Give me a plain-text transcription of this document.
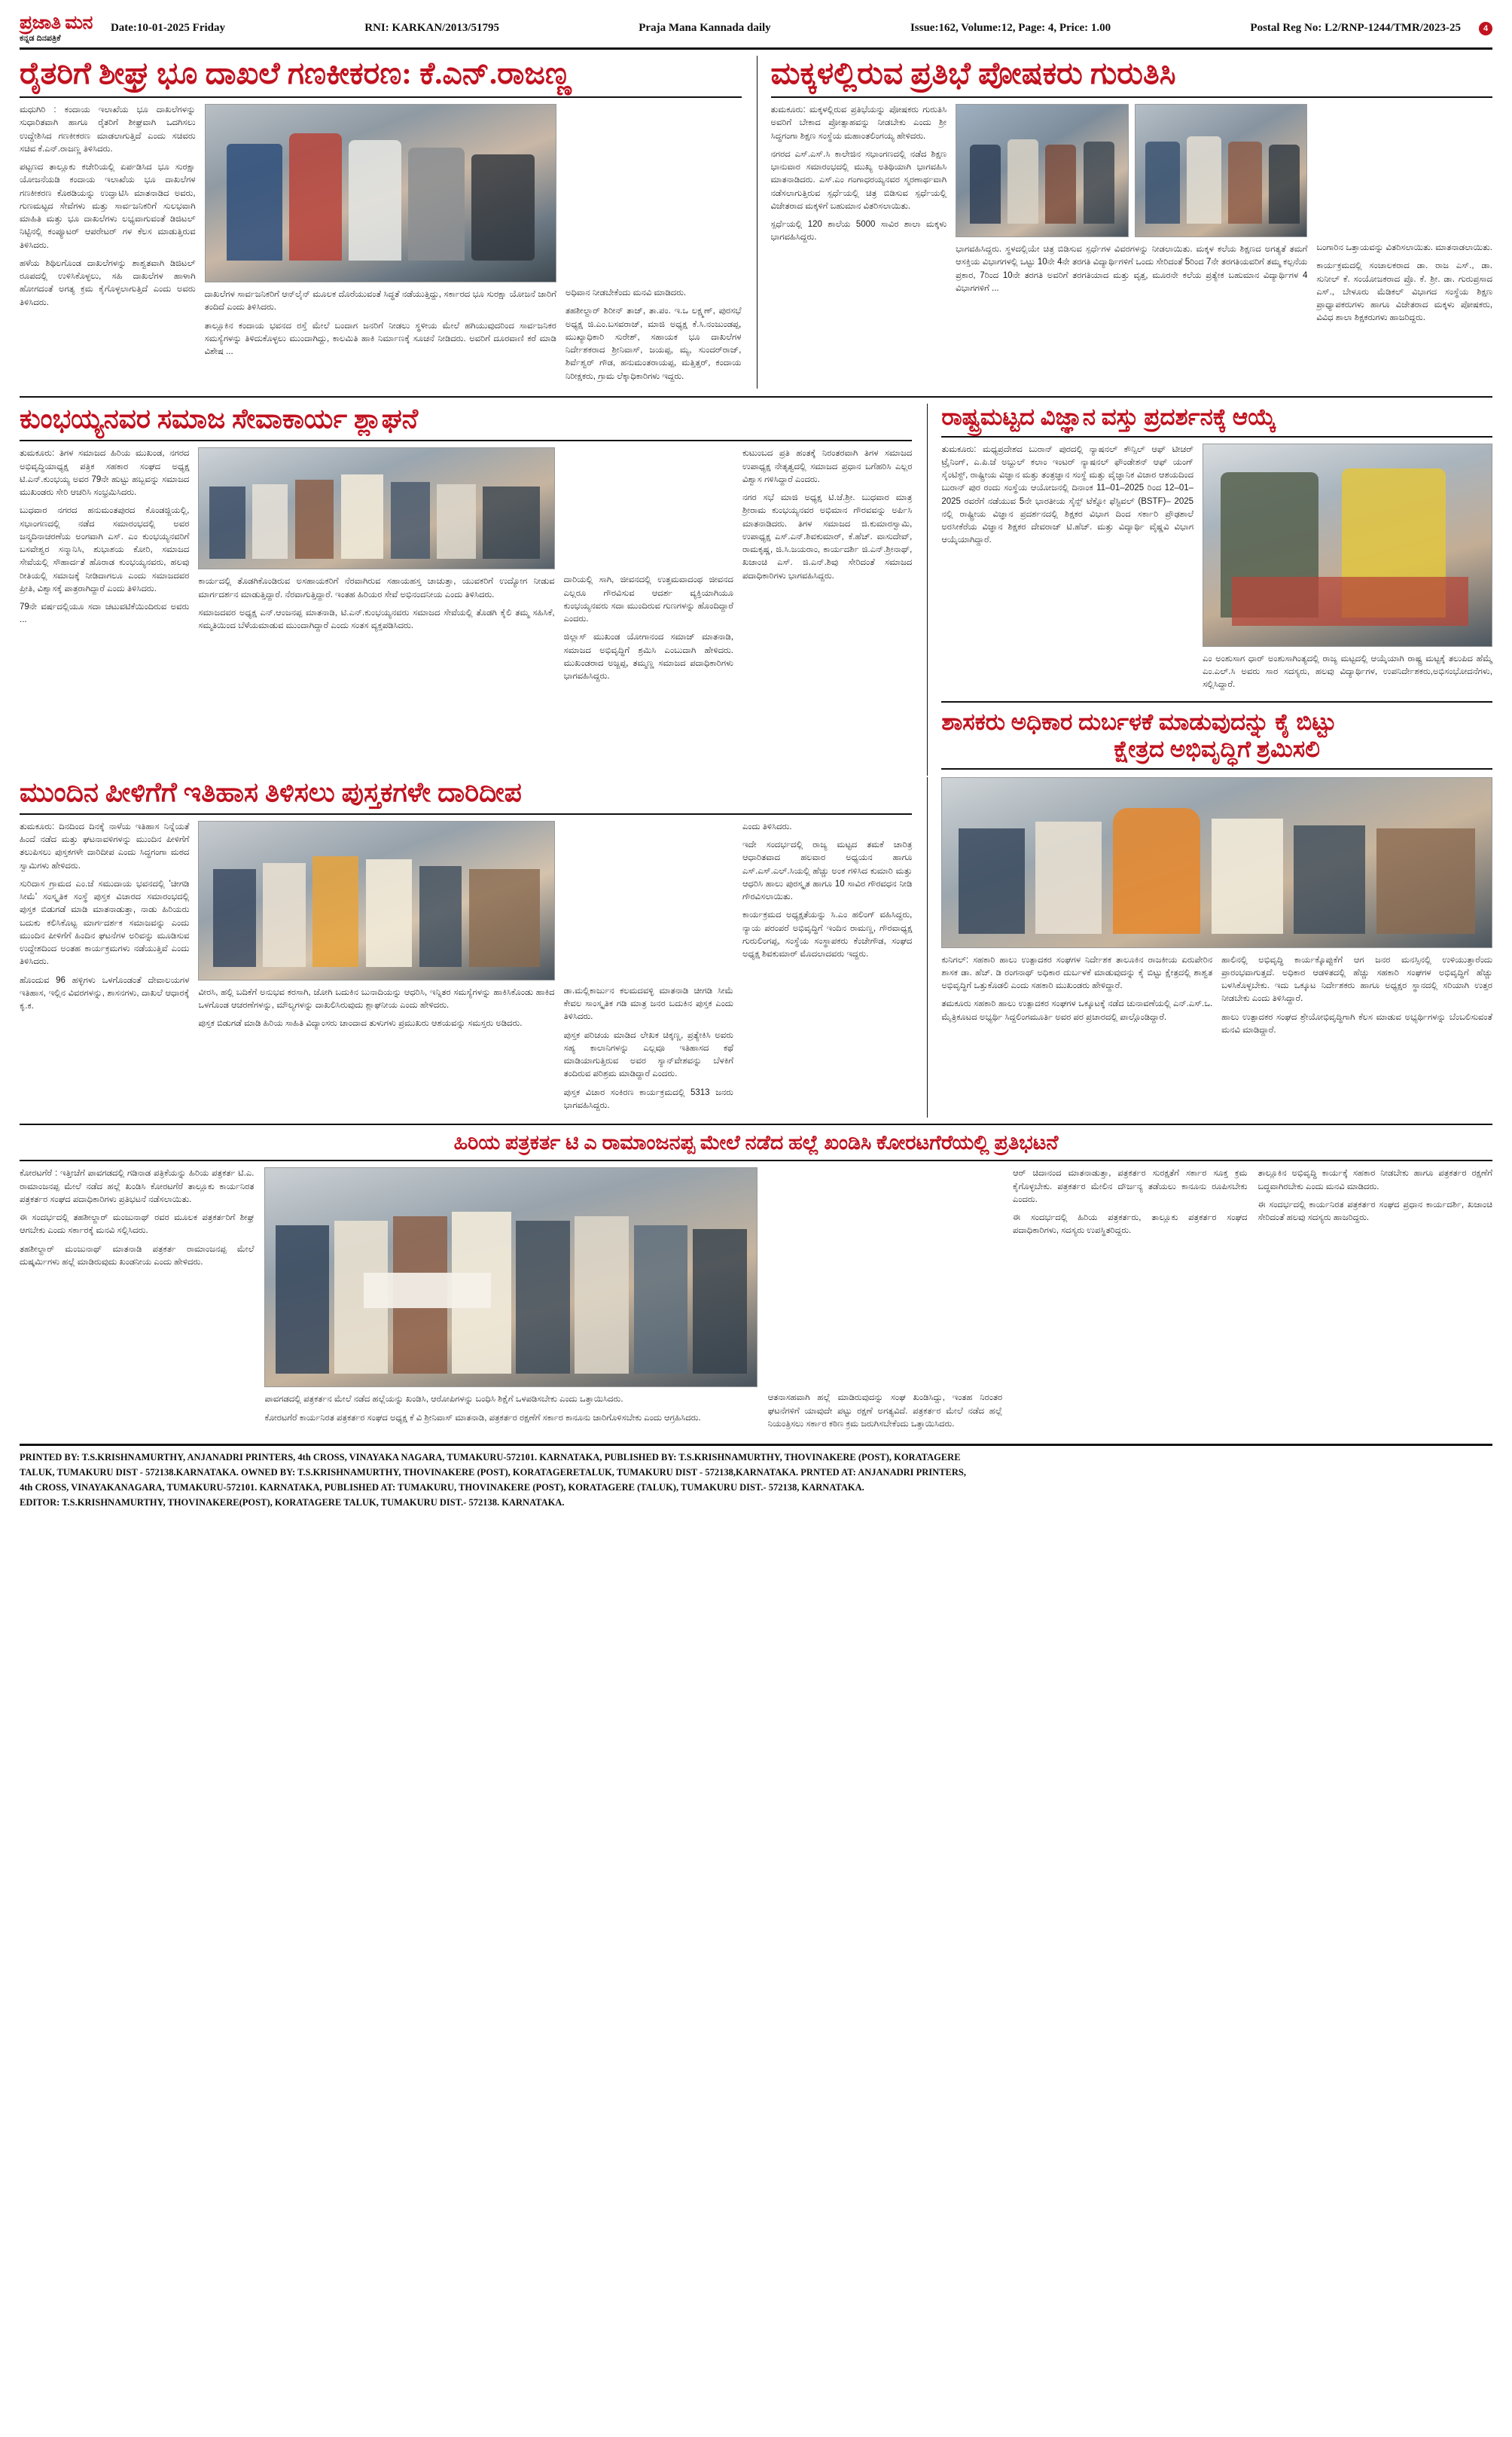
ಪ್ರಜಾತಿ ಮನ
ಕನ್ನಡ ದಿನಪತ್ರಿಕೆ
Date:10-01-2025 Friday	RNI: KARKAN/2013/51795	Praja Mana Kannada daily	Issue:162, Volume:12, Page: 4, Price: 1.00	Postal Reg No: L2/RNP-1244/TMR/2023-25	4
ರೈತರಿಗೆ ಶೀಘ್ರ ಭೂ ದಾಖಲೆ ಗಣಕೀಕರಣ: ಕೆ.ಎನ್.ರಾಜಣ್ಣ

ಮಧುಗಿರಿ : ಕಂದಾಯ ಇಲಾಖೆಯ ಭೂ ದಾಖಲೆಗಳನ್ನು ಸುಧಾರಿತವಾಗಿ ಹಾಗೂ ರೈತರಿಗೆ ಶೀಘ್ರವಾಗಿ ಒದಗಿಸಲು ಉದ್ದೇಶಿಸಿದ ಗಣಕೀಕರಣ ಮಾಡಲಾಗುತ್ತಿದೆ ಎಂದು ಸಚಿವರು ಸಚಿವ ಕೆ.ಎನ್.ರಾಜಣ್ಣ ತಿಳಿಸಿದರು.

ಪಟ್ಟಣದ ತಾಲ್ಲೂಕು ಕಚೇರಿಯಲ್ಲಿ ಏರ್ಪಡಿಸಿದ ಭೂ ಸುರಕ್ಷಾ ಯೋಜನೆಯಡಿ ಕಂದಾಯ ಇಲಾಖೆಯ ಭೂ ದಾಖಲೆಗಳ ಗಣಕೀಕರಣ ಕೊಠಡಿಯನ್ನು ಉದ್ಘಾಟಿಸಿ ಮಾತನಾಡಿದ ಅವರು, ಗುಣಮಟ್ಟದ ಸೇವೆಗಳು ಮತ್ತು ಸಾರ್ವಜನಿಕರಿಗೆ ಸುಲಭವಾಗಿ ಮಾಹಿತಿ ಮತ್ತು ಭೂ ದಾಖಲೆಗಳು ಲಭ್ಯವಾಗುವಂತೆ ಡಿಜಿಟಲ್ ನಿಟ್ಟಿನಲ್ಲಿ ಕಂಪ್ಯೂಟರ್ ಆಪರೇಟರ್ ಗಳ ಕೆಲಸ ಮಾಡುತ್ತಿರುವ ತಿಳಿಸಿದರು.

ಹಳೆಯ ಶಿಥಿಲಗೊಂಡ ದಾಖಲೆಗಳನ್ನು ಶಾಶ್ವತವಾಗಿ ಡಿಜಿಟಲ್ ರೂಪದಲ್ಲಿ ಉಳಿಸಿಕೊಳ್ಳಲು, ಸಹಿ ದಾಖಲೆಗಳ ಹಾಳಾಗಿ ಹೋಗದಂತೆ ಅಗತ್ಯ ಕ್ರಮ ಕೈಗೊಳ್ಳಲಾಗುತ್ತಿದೆ ಎಂದು ಅವರು ತಿಳಿಸಿದರು.

ದಾಖಲೆಗಳ ಸಾರ್ವಜನಿಕರಿಗೆ ಆನ್‌ಲೈನ್ ಮೂಲಕ ದೊರೆಯುವಂತೆ ಸಿದ್ಧತೆ ನಡೆಯುತ್ತಿದ್ದು, ಸರ್ಕಾರದ ಭೂ ಸುರಕ್ಷಾ ಯೋಜನೆ ಜಾರಿಗೆ ತಂದಿದೆ ಎಂದು ತಿಳಿಸಿದರು.

ತಾಲ್ಲೂಕಿನ ಕಂದಾಯ ಭವನದ ರಸ್ತೆ ಮೇಲೆ ಬಂದಾಗ ಜನರಿಗೆ ನೀಡಲು ಸ್ಥಳೀಯ ಮೇಲೆ ಹಗಿಯುವುದರಿಂದ ಸಾರ್ವಜನಿಕರ ಸಮಸ್ಯೆಗಳನ್ನು ತಿಳಿದುಕೊಳ್ಳಲು ಮುಂದಾಗಿದ್ದು, ಕಾಲಮಿತಿ ಹಾಕಿ ನಿರ್ಮಾಣಕ್ಕೆ ಸೂಚನೆ ನೀಡಿದರು. ಅವರಿಗೆ ದೂರವಾಣಿ ಕರೆ ಮಾಡಿ ವಿಶೇಷ ...

ಅಧಿವಾನ ನೀಡಬೇಕೆಂದು ಮನವಿ ಮಾಡಿದರು.

ತಹಶೀಲ್ದಾರ್ ಶಿರೀನ್ ತಾಜ್, ತಾ.ಪಂ. ಇ.ಒ ಲಕ್ಷ್ಮಣ್, ಪುರಸಭೆ ಅಧ್ಯಕ್ಷ ಜಿ.ಎಂ.ಬಸವರಾಜ್, ಮಾಜಿ ಅಧ್ಯಕ್ಷ ಕೆ.ಸಿ.ನಂಜುಂಡಪ್ಪ, ಮುಖ್ಯಾಧಿಕಾರಿ ಸುರೇಶ್, ಸಹಾಯಕ ಭೂ ದಾಖಲೆಗಳ ನಿರ್ದೇಶಕರಾದ ಶ್ರೀನಿವಾಸ್, ಜಯಪ್ಪ, ಮ್ಯ, ಸುಂದರ್‌ರಾಜ್, ಶಿರ್ವೆಶ್ವರ್ ಗೌಡ, ಹನುಮಂತರಾಯಪ್ಪ, ಮತ್ತಿತ್ತರ್, ಕಂದಾಯ ನಿರೀಕ್ಷಕರು, ಗ್ರಾಮ ಲೆಕ್ಕಾಧಿಕಾರಿಗಳು ಇದ್ದರು.

ಮಕ್ಕಳಲ್ಲಿರುವ ಪ್ರತಿಭೆ ಪೋಷಕರು ಗುರುತಿಸಿ

ತುಮಕೂರು: ಮಕ್ಕಳಲ್ಲಿರುವ ಪ್ರತಿಭೆಯನ್ನು ಪೋಷಕರು ಗುರುತಿಸಿ ಅವರಿಗೆ ಬೇಕಾದ ಪ್ರೋತ್ಸಾಹವನ್ನು ನೀಡಬೇಕು ಎಂದು ಶ್ರೀ ಸಿದ್ಧಗಂಗಾ ಶಿಕ್ಷಣ ಸಂಸ್ಥೆಯ ಮಹಾಂತಲಿಂಗಯ್ಯ ಹೇಳಿದರು.

ನಗರದ ಎಸ್.ಎಸ್.ಸಿ ಕಾಲೇಜಿನ ಸಭಾಂಗಣದಲ್ಲಿ ನಡೆದ ಶಿಕ್ಷಣ ಭಾನುವಾರ ಸಮಾರಂಭದಲ್ಲಿ ಮುಖ್ಯ ಅತಿಥಿಯಾಗಿ ಭಾಗವಹಿಸಿ ಮಾತನಾಡಿದರು. ಎಸ್.ಎಂ ಗಂಗಾಧರಯ್ಯನವರ ಸ್ಮರಣಾರ್ಥವಾಗಿ ನಡೆಸಲಾಗುತ್ತಿರುವ ಸ್ಪರ್ಧೆಯಲ್ಲಿ ಚಿತ್ರ ಬಿಡಿಸುವ ಸ್ಪರ್ಧೆಯಲ್ಲಿ ವಿಜೇತರಾದ ಮಕ್ಕಳಿಗೆ ಬಹುಮಾನ ವಿತರಿಸಲಾಯಿತು.

ಸ್ಪರ್ಧೆಯಲ್ಲಿ 120 ಶಾಲೆಯ 5000 ಸಾವಿರ ಶಾಲಾ ಮಕ್ಕಳು ಭಾಗವಹಿಸಿದ್ದರು.

ಭಾಗವಹಿಸಿದ್ದರು. ಸ್ಥಳದಲ್ಲಿಯೇ ಚಿತ್ರ ಬಿಡಿಸುವ ಸ್ಪರ್ಧೆಗಳ ವಿವರಗಳನ್ನು ನೀಡಲಾಯಿತು. ಮಕ್ಕಳ ಕಲೆಯ ಶಿಕ್ಷಣದ ಅಗತ್ಯತೆ ತಮಗೆ ಆಸಕ್ತಿಯ ವಿಭಾಗಗಳಲ್ಲಿ ಒಟ್ಟು 10ನೇ 4ನೇ ತರಗತಿ ವಿದ್ಯಾರ್ಥಿಗಳಿಗೆ ಒಂದು ಸೇರಿದಂತೆ 5ರಿಂದ 7ನೇ ತರಗತಿಯವರಿಗೆ ತಮ್ಮ ಕಲ್ಪನೆಯ ಪ್ರಕಾರ, 7ರಿಂದ 10ನೇ ತರಗತಿ ಅವರಿಗೆ ತರಗತಿಯಾದ ಮತ್ತು ವೃತ್ತ, ಮೂರನೇ ಕಲೆಯ ಪ್ರತ್ಯೇಕ ಬಹುಮಾನ ವಿದ್ಯಾರ್ಥಿಗಳ 4 ವಿಭಾಗಗಳಿಗೆ ...

ಬಂಗಾರಿನ ಒತ್ತಾಯವನ್ನು ವಿತರಿಸಲಾಯಿತು. ಮಾತನಾಡಲಾಯಿತು.

ಕಾರ್ಯಕ್ರಮದಲ್ಲಿ ಸಂಚಾಲಕರಾದ ಡಾ. ರಾಜ ಎಸ್., ಡಾ. ಸುನೀಲ್ ಕೆ. ಸಂಯೋಜಕರಾದ ಪ್ರೊ. ಕೆ. ಶ್ರೀ. ಡಾ. ಗುರುಪ್ರಸಾದ ಎಸ್., ಬೇಳೂರು ಮೆಡಿಕಲ್ ವಿಭಾಗದ ಸಂಸ್ಥೆಯ ಶಿಕ್ಷಣ ಪ್ರಾಧ್ಯಾಪಕರುಗಳು ಹಾಗೂ ವಿಜೇತರಾದ ಮಕ್ಕಳು ಪೋಷಕರು, ವಿವಿಧ ಶಾಲಾ ಶಿಕ್ಷಕರುಗಳು ಹಾಜರಿದ್ದರು.

ಕುಂಭಯ್ಯನವರ ಸಮಾಜ ಸೇವಾಕಾರ್ಯ ಶ್ಲಾಘನೆ

ತುಮಕೂರು: ತಿಗಳ ಸಮಾಜದ ಹಿರಿಯ ಮುಖಂಡ, ನಗರದ ಅಭಿವೃದ್ಧಿಯಾಧ್ಯಕ್ಷ ಪತ್ರಿಕ ಸಹಕಾರ ಸಂಘದ ಅಧ್ಯಕ್ಷ ಟಿ.ಎನ್.ಕುಂಭಯ್ಯ ಅವರ 79ನೇ ಹುಟ್ಟು ಹಬ್ಬವನ್ನು ಸಮಾಜದ ಮುಖಂಡರು ಸೇರಿ ಆಚರಿಸಿ ಸಂಭ್ರಮಿಸಿದರು.

ಬುಧವಾರ ನಗರದ ಹನುಮಂತಪುರದ ಕೊಂಡಜ್ಜಿಯಲ್ಲಿ, ಸಭಾಂಗಣದಲ್ಲಿ ನಡೆದ ಸಮಾರಂಭದಲ್ಲಿ ಅವರ ಜನ್ಮದಿನಾಚರಣೆಯ ಅಂಗವಾಗಿ ಎಸ್. ಎಂ ಕುಂಭಯ್ಯನವರಿಗೆ ಬಸವೇಶ್ವರ ಸನ್ಮಾನಿಸಿ, ಶುಭಾಶಯ ಕೋರಿ, ಸಮಾಜದ ಸೇವೆಯಲ್ಲಿ ಸೌಹಾರ್ದತೆ ಹೊರಾಡ ಕುಂಭಯ್ಯನವರು, ಹಲವು ರೀತಿಯಲ್ಲಿ ಸಮಾಜಕ್ಕೆ ನೀಡಿದಾಗಲೂ ಎಂದು ಸಮಾಜದವರ ಪ್ರೀತಿ, ವಿಶ್ವಾಸಕ್ಕೆ ಪಾತ್ರರಾಗಿದ್ದಾರೆ ಎಂದು ತಿಳಿಸಿದರು.

79ನೇ ವರ್ಷದಲ್ಲಿಯೂ ಸದಾ ಚಟುವಟಿಕೆಯಿಂದಿರುವ ಅವರು ...

ಕಾರ್ಯದಲ್ಲಿ ತೊಡಗಿಕೊಂಡಿರುವ ಅಸಹಾಯಕರಿಗೆ ನೆರವಾಗಿರುವ ಸಹಾಯಹಸ್ತ ಚಾಚುತ್ತಾ, ಯುವಕರಿಗೆ ಉದ್ಯೋಗ ನೀಡುವ ಮಾರ್ಗದರ್ಶನ ಮಾಡುತ್ತಿದ್ದಾರೆ. ನೆರವಾಗುತ್ತಿದ್ದಾರೆ. ಇಂತಹ ಹಿರಿಯರ ಸೇವೆ ಅಭಿನಂದನೀಯ ಎಂದು ತಿಳಿಸಿದರು.

ಸಮಾಜದವರ ಅಧ್ಯಕ್ಷ ಎನ್.ಆಂಜನಪ್ಪ ಮಾತನಾಡಿ, ಟಿ.ಎನ್.ಕುಂಭಯ್ಯನವರು ಸಮಾಜದ ಸೇವೆಯಲ್ಲಿ ತೊಡಗಿ ಕೈಲಿ ತಮ್ಮ ಸಹಿಸಿಕೆ, ಸಮ್ಮತಿಯಿಂದ ಬೆಳೆಯಮಾಡುವ ಮುಂದಾಗಿದ್ದಾರೆ ಎಂದು ಸಂತಸ ವ್ಯಕ್ತಪಡಿಸಿದರು.

ದಾರಿಯಲ್ಲಿ ಸಾಗಿ, ಜೀವನದಲ್ಲಿ ಉತ್ತಮವಾದಂಥ ಜೀವನದ ಎಲ್ಲರೂ ಗೌರವಿಸುವ ಆದರ್ಶ ವ್ಯಕ್ತಿಯಾಗಿಯೂ ಕುಂಭಯ್ಯನವರು ಸದಾ ಮುಂದಿರುವ ಗುಣಗಳನ್ನು ಹೊಂದಿದ್ದಾರೆ ಎಂದರು.

ಜಿಲ್ಲಾಸ್ ಮುಖಂಡ ಯೋಗಾನಂದ ಸಮಾಜ್ ಮಾತನಾಡಿ, ಸಮಾಜದ ಅಭಿವೃದ್ಧಿಗೆ ಶ್ರಮಿಸಿ ಎಂಬುದಾಗಿ ಹೇಳಿದರು. ಮುಖಂಡರಾದ ಅಜ್ಜಪ್ಪ, ತಮ್ಮಣ್ಣ ಸಮಾಜದ ಪದಾಧಿಕಾರಿಗಳು ಭಾಗವಹಿಸಿದ್ದರು.

ಕುಟುಂಬದ ಪ್ರತಿ ಹಂತಕ್ಕೆ ನಿರಂತರವಾಗಿ ತಿಗಳ ಸಮಾಜದ ಉಪಾಧ್ಯಕ್ಷ ನೇತೃತ್ವದಲ್ಲಿ ಸಮಾಜದ ಪ್ರಧಾನ ಬಗೆಹರಿಸಿ ಎಲ್ಲರ ವಿಶ್ವಾಸ ಗಳಿಸಿದ್ದಾರೆ ಎಂದರು.

ನಗರ ಸಭೆ ಮಾಜಿ ಅಧ್ಯಕ್ಷ ಟಿ.ಜೆ.ಶ್ರೀ. ಬುಧವಾರ ಮಾತ್ರ ಶ್ರೀರಾಮ ಕುಂಭಯ್ಯನವರ ಅಭಿಮಾನ ಗೌರವವನ್ನು ಅರ್ಪಿಸಿ ಮಾತನಾಡಿದರು. ತಿಗಳ ಸಮಾಜದ ಜಿ.ಕುಮಾರಸ್ವಾಮಿ, ಉಪಾಧ್ಯಕ್ಷ ಎಸ್.ಎನ್.ಶಿವಕುಮಾರ್, ಕೆ.ಹೆಚ್. ವಾಸುದೇವ್, ರಾಮಕೃಷ್ಣ, ಜಿ.ಸಿ.ಜಯರಾಂ, ಕಾರ್ಯದರ್ಶಿ ಜಿ.ಎನ್.ಶ್ರೀನಾಥ್, ಖಜಾಂಚಿ ಎಸ್. ಜಿ.ಎನ್.ಶಿವು ಸೇರಿದಂತೆ ಸಮಾಜದ ಪದಾಧಿಕಾರಿಗಳು ಭಾಗವಹಿಸಿದ್ದರು.

ರಾಷ್ಟ್ರಮಟ್ಟದ ವಿಜ್ಞಾನ ವಸ್ತು ಪ್ರದರ್ಶನಕ್ಕೆ ಆಯ್ಕೆ

ತುಮಕೂರು: ಮಧ್ಯಪ್ರದೇಶದ ಬುರಾನ್ ಪುರದಲ್ಲಿ ನ್ಯಾಷನಲ್ ಕೌನ್ಸಿಲ್ ಆಫ್ ಟೀಚರ್ ಟ್ರೈನಿಂಗ್, ಎ.ಪಿ.ಜೆ ಅಬ್ದುಲ್ ಕಲಾಂ ಇಂಟರ್ ನ್ಯಾಷನಲ್ ಫೌಂಡೇಶನ್ ಆಫ್ ಯಂಗ್ ಸೈಂಟಿಸ್ಟ್, ರಾಷ್ಟ್ರೀಯ ವಿಜ್ಞಾನ ಮತ್ತು ತಂತ್ರಜ್ಞಾನ ಸಂಸ್ಥೆ ಮತ್ತು ವೈಜ್ಞಾನಿಕ ವಿಚಾರ ಆಶಯದಿಂದ ಬುರಾನ್ ಪುರ ರಂದು ಸಂಸ್ಥೆಯ ಆಯೋಜನಲ್ಲಿ ದಿನಾಂಕ 11–01–2025 ರಿಂದ 12–01–2025 ರವರೆಗೆ ನಡೆಯುವ 5ನೇ ಭಾರತೀಯ ಸೈನ್ಸ್ ಟೆಕ್ನೋ ಫೆಸ್ಟಿವಲ್ (BSTF)– 2025 ನಲ್ಲಿ ರಾಷ್ಟ್ರೀಯ ವಿಜ್ಞಾನ ಪ್ರದರ್ಶನದಲ್ಲಿ ಶಿಕ್ಷಕರ ವಿಭಾಗ ದಿಂದ ಸರ್ಕಾರಿ ಪ್ರೌಢಶಾಲೆ ಅರಸೀಕೆರೆಯ ವಿಜ್ಞಾನ ಶಿಕ್ಷಕರ ದೇವರಾಜ್ ಟಿ.ಹೆಚ್. ಮತ್ತು ವಿದ್ಯಾರ್ಥಿ ವೈಷ್ಣವಿ ವಿಭಾಗ ಆಯ್ಕೆಯಾಗಿದ್ದಾರೆ.

ಎಂ ಅಂಶುಸಾಗ ಧಾರ್ ಅಂಶುಸಾಗಿಂತ್ಯದಲ್ಲಿ ರಾಜ್ಯ ಮಟ್ಟದಲ್ಲಿ ಆಯ್ಕೆಯಾಗಿ ರಾಷ್ಟ್ರ ಮಟ್ಟಕ್ಕೆ ತಲುಪಿದ ಹೆಮ್ಮೆ ಎಂ.ಎಲ್.ಸಿ ಅವರು ಸಾರ ಸದಸ್ಯರು, ಹಲವು ವಿದ್ಯಾರ್ಥಿಗಳ, ಉಪನಿರ್ದೇಶಕರು,ಅಭಿಸಂಭೋದನೆಗಳು, ಸಲ್ಲಿಸಿದ್ದಾರೆ.

ಶಾಸಕರು ಅಧಿಕಾರ ದುರ್ಬಳಕೆ ಮಾಡುವುದನ್ನು ಕೈ ಬಿಟ್ಟು
ಕ್ಷೇತ್ರದ ಅಭಿವೃದ್ಧಿಗೆ ಶ್ರಮಿಸಲಿ
ಮುಂದಿನ ಪೀಳಿಗೆಗೆ ಇತಿಹಾಸ ತಿಳಿಸಲು ಪುಸ್ತಕಗಳೇ ದಾರಿದೀಪ

ತುಮಕೂರು: ದಿನದಿಂದ ದಿನಕ್ಕೆ ನಾಳೆಯ ಇತಿಹಾಸ ನಿನ್ನೆಯತೆ ಹಿಂದೆ ನಡೆದ ಮತ್ತು ಘಟನಾವಳಿಗಳನ್ನು ಮುಂದಿನ ಪೀಳಿಗೆಗೆ ತಲುಪಿಸಲು ಪುಸ್ತಕಗಳೇ ದಾರಿದೀಪ ಎಂದು ಸಿದ್ಧಗಂಗಾ ಮಠದ ಸ್ವಾಮಿಗಳು ಹೇಳಿದರು.

ಸುರಿದಾಸ ಗ್ರಾಮದ ಎಂ.ಜೆ ಸಮುದಾಯ ಭವನದಲ್ಲಿ 'ಚೀಗಡಿ ಸೀಮೆ' ಸಂಸ್ಕೃತಿಕ ಸಂಸ್ಥೆ ಪುಸ್ತಕ ವಿಚಾರದ ಸಮಾರಂಭದಲ್ಲಿ ಪುಸ್ತಕ ಬಿಡುಗಡೆ ಮಾಡಿ ಮಾತನಾಡುತ್ತಾ, ನಾಡು ಹಿರಿಯರು ಬದುಕು ಕಲಿಸಿಕೊಟ್ಟ ಮಾರ್ಗದರ್ಶಕ ಸಮಾಜವನ್ನು ಎಂದು ಮುಂದಿನ ಪೀಳಿಗೆಗೆ ಹಿಂದಿನ ಘಟನೆಗಳ ಅರಿವನ್ನು ಮೂಡಿಸುವ ಉದ್ದೇಶದಿಂದ ಅಂತಹ ಕಾರ್ಯಕ್ರಮಗಳು ನಡೆಯುತ್ತಿವೆ ಎಂದು ತಿಳಿಸಿದರು.

ಹೊಂದುವ 96 ಹಳ್ಳಿಗಳು ಒಳಗೊಂಡಂತೆ ದೇವಾಲಯಗಳ ಇತಿಹಾಸ, ಇಲ್ಲಿನ ವಿವರಗಳನ್ನು, ಶಾಸನಗಳು, ದಾಖಲೆ ಆಧಾರಕ್ಕೆ ಕೃ.ಕ.

ವೀರಸಿ, ಹಲ್ಲಿ ಬದಿಕೆಗೆ ಅನುಭವ ಕರಸಾಗಿ, ಜೋಗಿ ಬದುಕಿನ ಬುನಾದಿಯನ್ನು ಆಧರಿಸಿ, ಇನ್ನಿತರ ಸಮಸ್ಯೆಗಳನ್ನು ಹಾಕಿಸಿಕೊಂಡು ಹಾಕಿದ ಒಳಗೊಂಡ ಆಚರಣೆಗಳನ್ನು, ಮೌಲ್ಯಗಳನ್ನು ದಾಖಲಿಸಿರುವುದು ಶ್ಲಾಘನೀಯ ಎಂದು ಹೇಳಿದರು.

ಪುಸ್ತಕ ಬಿಡುಗಡೆ ಮಾಡಿ ಹಿರಿಯ ಸಾಹಿತಿ ವಿದ್ಯಾಂಸರು ಚಾಂದಾದ ತುಳುಗಳು ಪ್ರಮುಖರು ಆಶಯವನ್ನು ಸಮಸ್ತರು ಅಡಿದರು.

ಡಾ.ಮಲ್ಲಿಕಾರ್ಜುನ ಕಲಮದವಳ್ಳಿ ಮಾತನಾಡಿ ಚೀಗಡಿ ಸೀಮೆ ಕೇವಲ ಸಾಂಸ್ಕೃತಿಕ ಗಡಿ ಮಾತ್ರ ಜನರ ಬದುಕಿನ ಪುಸ್ತಕ ಎಂದು ತಿಳಿಸಿದರು.

ಪುಸ್ತಕ ಪರಿಚಯ ಮಾಡಿದ ಲೇಖಕ ಚಿಕ್ಕಣ್ಣ, ಪ್ರತ್ಯೇಕಿಸಿ ಅವರು ಸಹ್ಯ ಕಾಲಾನಿಗಳನ್ನು ಎಲ್ಲವೂ ಇತಿಹಾಸದ ಕಥೆ ಮಾಡಿಯಾಗುತ್ತಿರುವ ಅವರ ಸ್ಯಾನ್‌ವೇಶವನ್ನು ಬೆಳಕಿಗೆ ತಂದಿರುವ ಪರಿಶ್ರಮ ಮಾಡಿದ್ದಾರೆ ಎಂದರು.

ಪುಸ್ತಕ ವಿಚಾರ ಸಂಕಿರಣ ಕಾರ್ಯಕ್ರಮದಲ್ಲಿ 5313 ಜನರು ಭಾಗವಹಿಸಿದ್ದರು.

ಎಂದು ತಿಳಿಸಿದರು.

ಇದೇ ಸಂದರ್ಭದಲ್ಲಿ ರಾಜ್ಯ ಮಟ್ಟದ ತಮಕೆ ಚಾರಿತ್ರ ಆಧಾರಿತವಾದ ಹಲವಾರ ಅಧ್ಯಯನ ಹಾಗೂ ಎಸ್.ಎಸ್.ಎಲ್.ಸಿಯಲ್ಲಿ ಹೆಚ್ಚು ಅಂಕ ಗಳಿಸಿದ ಕುಮಾರಿ ಮತ್ತು ಆಧರಿಸಿ ಹಾಲು ಪುರಸ್ಕೃತ ಹಾಗೂ 10 ಸಾವಿರ ಗೌರವಧನ ನೀಡಿ ಗೌರವಿಸಲಾಯಿತು.

ಕಾರ್ಯಕ್ರಮದ ಅಧ್ಯಕ್ಷತೆಯನ್ನು ಸಿ.ಎಂ ಹಲಿಂಗ್ ವಹಿಸಿದ್ದರು, ನ್ಯಾಯ ಪರಂಪರೆ ಅಭಿವೃದ್ಧಿಗೆ ಇಂದಿನ ರಾಮಣ್ಣ, ಗೌರವಾಧ್ಯಕ್ಷ ಗುರುಲಿಂಗಪ್ಪ, ಸಂಸ್ಥೆಯ ಸಂಸ್ಥಾಪಕರು ಕೆಂಚೇಗೌಡ, ಸಂಘದ ಅಧ್ಯಕ್ಷ ಶಿವಕುಮಾರ್ ಮೊದಲಾದವರು ಇದ್ದರು.

ಕುನಿಗಲ್: ಸಹಕಾರಿ ಹಾಲು ಉತ್ಪಾದಕರ ಸಂಘಗಳ ನಿರ್ದೇಶಕ ತಾಲೂಕಿನ ರಾಜಕೀಯ ಏರುಪೇರಿನ ಶಾಸಕ ಡಾ. ಹೆಚ್. ಡಿ ರಂಗನಾಥ್ ಅಧಿಕಾರ ದುರ್ಬಳಕೆ ಮಾಡುವುದನ್ನು ಕೈ ಬಿಟ್ಟು ಕ್ಷೇತ್ರದಲ್ಲಿ ಶಾಶ್ವತ ಅಭಿವೃದ್ಧಿಗೆ ಒತ್ತುಕೊಡಲಿ ಎಂದು ಸಹಕಾರಿ ಮುಖಂಡರು ಹೇಳಿದ್ದಾರೆ.

ತಮಕೂರು ಸಹಕಾರಿ ಹಾಲು ಉತ್ಪಾದಕರ ಸಂಘಗಳ ಒಕ್ಕೂಟಕ್ಕೆ ನಡೆದ ಚುನಾವಣೆಯಲ್ಲಿ ಎನ್.ಎಸ್.ಒ. ಮೈತ್ರಿಕೂಟದ ಅಭ್ಯರ್ಥಿ ಸಿದ್ದಲಿಂಗಮೂರ್ತಿ ಅವರ ಪರ ಪ್ರಚಾರದಲ್ಲಿ ಪಾಲ್ಗೊಂಡಿದ್ದಾರೆ.

ಹಾಲಿನಲ್ಲಿ ಅಭಿವೃದ್ಧಿ ಕಾರ್ಯಕ್ಕೊಪ್ಪುಕೆಗೆ ಆಗ ಜನರ ಮನಸ್ಸಿನಲ್ಲಿ ಉಳಿಯುತ್ತಾರೆಂದು ಪ್ರಾರಂಭವಾಗುತ್ತದೆ. ಅಧಿಕಾರ ಆಡಳಿತದಲ್ಲಿ ಹೆಚ್ಚು ಸಹಕಾರಿ ಸಂಘಗಳ ಅಭಿವೃದ್ಧಿಗೆ ಹೆಚ್ಚು ಬಳಸಿಕೊಳ್ಳಬೇಕು. ಇದು ಒಕ್ಕೂಟ ನಿರ್ದೇಶಕರು ಹಾಗೂ ಅಧ್ಯಕ್ಷರ ಸ್ಥಾನದಲ್ಲಿ ಸರಿಯಾಗಿ ಉತ್ತರ ನೀಡಬೇಕು ಎಂದು ತಿಳಿಸಿದ್ದಾರೆ.

ಹಾಲು ಉತ್ಪಾದಕರ ಸಂಘದ ಶ್ರೇಯೋಭಿವೃದ್ಧಿಗಾಗಿ ಕೆಲಸ ಮಾಡುವ ಅಭ್ಯರ್ಥಿಗಳನ್ನು ಬೆಂಬಲಿಸುವಂತೆ ಮನವಿ ಮಾಡಿದ್ದಾರೆ.

ಹಿರಿಯ ಪತ್ರಕರ್ತ ಟಿ ಎ ರಾಮಾಂಜನಪ್ಪ ಮೇಲೆ ನಡೆದ ಹಲ್ಲೆ ಖಂಡಿಸಿ ಕೋರಟಗೆರೆಯಲ್ಲಿ ಪ್ರತಿಭಟನೆ

ಕೋರಟಗೆರೆ : ಇತ್ತೀಚೆಗೆ ಪಾವಗಡದಲ್ಲಿ ಗಡಿನಾಡ ಪತ್ರಿಕೆಯನ್ನು ಹಿರಿಯ ಪತ್ರಕರ್ತ ಟಿ.ಎ. ರಾಮಾಂಜನಪ್ಪ ಮೇಲೆ ನಡೆದ ಹಲ್ಲೆ ಖಂಡಿಸಿ ಕೋರಟಗೆರೆ ತಾಲ್ಲೂಕು ಕಾರ್ಯನಿರತ ಪತ್ರಕರ್ತರ ಸಂಘದ ಪದಾಧಿಕಾರಿಗಳು ಪ್ರತಿಭಟನೆ ನಡೆಸಲಾಯಿತು.

ಈ ಸಂದರ್ಭದಲ್ಲಿ ತಹಶೀಲ್ದಾರ್ ಮಂಜುನಾಥ್ ರವರ ಮೂಲಕ ಪತ್ರಕರ್ತರಿಗೆ ಶೀಘ್ರ ಆಗಬೇಕು ಎಂದು ಸರ್ಕಾರಕ್ಕೆ ಮನವಿ ಸಲ್ಲಿಸಿದರು.

ತಹಶೀಲ್ದಾರ್ ಮಂಜುನಾಥ್ ಮಾತನಾಡಿ ಪತ್ರಕರ್ತ ರಾಮಾಂಜನಪ್ಪ ಮೇಲೆ ದುಷ್ಕರ್ಮಿಗಳು ಹಲ್ಲೆ ಮಾಡಿರುವುದು ಖಂಡನೀಯ ಎಂದು ಹೇಳಿದರು.

ಪಾವಗಡದಲ್ಲಿ ಪತ್ರಕರ್ತನ ಮೇಲೆ ನಡೆದ ಹಲ್ಲೆಯನ್ನು ಖಂಡಿಸಿ, ಆರೋಪಿಗಳನ್ನು ಬಂಧಿಸಿ ಶಿಕ್ಷೆಗೆ ಒಳಪಡಿಸಬೇಕು ಎಂದು ಒತ್ತಾಯಿಸಿದರು.

ಕೋರಟಗೆರೆ ಕಾರ್ಯನಿರತ ಪತ್ರಕರ್ತರ ಸಂಘದ ಅಧ್ಯಕ್ಷ ಕೆ ವಿ ಶ್ರೀನಿವಾಸ್ ಮಾತನಾಡಿ, ಪತ್ರಕರ್ತರ ರಕ್ಷಣೆಗೆ ಸರ್ಕಾರ ಕಾನೂನು ಜಾರಿಗೊಳಿಸಬೇಕು ಎಂದು ಆಗ್ರಹಿಸಿದರು.

ಆತನಾಸಹವಾಗಿ ಹಲ್ಲೆ ಮಾಡಿರುವುದನ್ನು ಸಂಘ ಖಂಡಿಸಿದ್ದು, ಇಂತಹ ನಿರಂತರ ಘಟನೆಗಳಿಗೆ ಯಾವುದೇ ಪಟ್ಟು ರಕ್ಷಣೆ ಅಗತ್ಯವಿದೆ. ಪತ್ರಕರ್ತರ ಮೇಲೆ ನಡೆದ ಹಲ್ಲೆ ನಿಯಂತ್ರಿಸಲು ಸರ್ಕಾರ ಕಠಿಣ ಕ್ರಮ ಜರುಗಿಸಬೇಕೆಂದು ಒತ್ತಾಯಿಸಿದರು.

ಆರ್ ಚಿದಾನಂದ ಮಾತನಾಡುತ್ತಾ, ಪತ್ರಕರ್ತರ ಸುರಕ್ಷತೆಗೆ ಸರ್ಕಾರ ಸೂಕ್ತ ಕ್ರಮ ಕೈಗೊಳ್ಳಬೇಕು. ಪತ್ರಕರ್ತರ ಮೇಲಿನ ದೌರ್ಜನ್ಯ ತಡೆಯಲು ಕಾನೂನು ರೂಪಿಸಬೇಕು ಎಂದರು.

ಈ ಸಂದರ್ಭದಲ್ಲಿ ಹಿರಿಯ ಪತ್ರಕರ್ತರು, ತಾಲ್ಲೂಕು ಪತ್ರಕರ್ತರ ಸಂಘದ ಪದಾಧಿಕಾರಿಗಳು, ಸದಸ್ಯರು ಉಪಸ್ಥಿತರಿದ್ದರು.

ತಾಲ್ಲೂಕಿನ ಅಭಿವೃದ್ಧಿ ಕಾರ್ಯಕ್ಕೆ ಸಹಕಾರ ನೀಡಬೇಕು ಹಾಗೂ ಪತ್ರಕರ್ತರ ರಕ್ಷಣೆಗೆ ಬದ್ಧವಾಗಿರಬೇಕು ಎಂದು ಮನವಿ ಮಾಡಿದರು.

ಈ ಸಂದರ್ಭದಲ್ಲಿ ಕಾರ್ಯನಿರತ ಪತ್ರಕರ್ತರ ಸಂಘದ ಪ್ರಧಾನ ಕಾರ್ಯದರ್ಶಿ, ಖಜಾಂಚಿ ಸೇರಿದಂತೆ ಹಲವು ಸದಸ್ಯರು ಹಾಜರಿದ್ದರು.

PRINTED BY: T.S.KRISHNAMURTHY, ANJANADRI PRINTERS, 4th CROSS, VINAYAKA NAGARA, TUMAKURU-572101. KARNATAKA, PUBLISHED BY: T.S.KRISHNAMURTHY, THOVINAKERE (POST), KORATAGERE
TALUK, TUMAKURU DIST - 572138.KARNATAKA. OWNED BY: T.S.KRISHNAMURTHY, THOVINAKERE (POST), KORATAGERETALUK, TUMAKURU DIST - 572138,KARNATAKA. PRNTED AT: ANJANADRI PRINTERS,
4th CROSS, VINAYAKANAGARA, TUMAKURU-572101. KARNATAKA, PUBLISHED AT: TUMAKURU, THOVINAKERE (POST), KORATAGERE (TALUK), TUMAKURU DIST.- 572138, KARNATAKA.
EDITOR: T.S.KRISHNAMURTHY, THOVINAKERE(POST), KORATAGERE TALUK, TUMAKURU DIST.- 572138. KARNATAKA.
